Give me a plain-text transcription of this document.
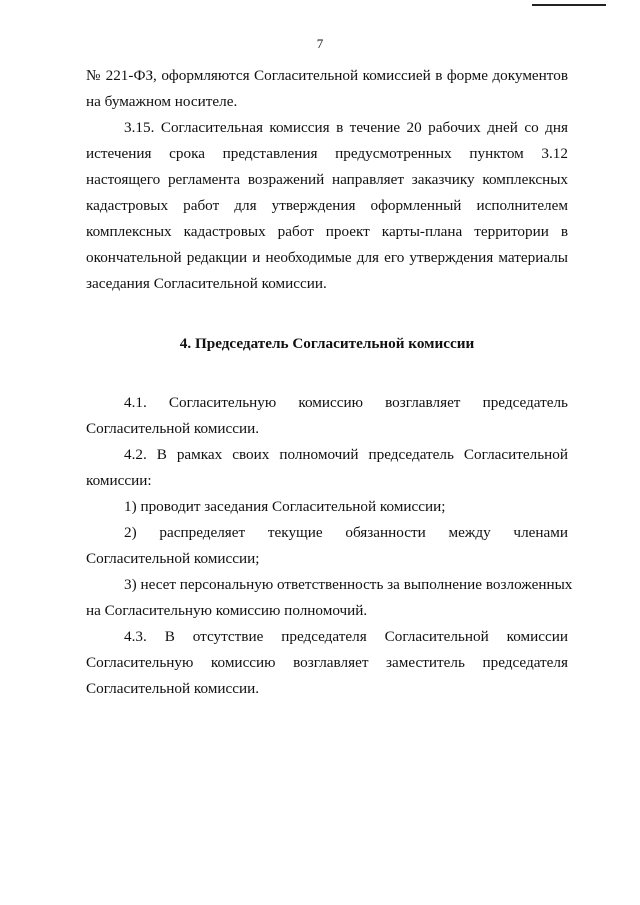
7
№ 221-ФЗ, оформляются Согласительной комиссией в форме документов
на бумажном носителе.
3.15. Согласительная комиссия в течение 20 рабочих дней со дня
истечения срока представления предусмотренных пунктом 3.12
настоящего регламента возражений направляет заказчику комплексных
кадастровых работ для утверждения оформленный исполнителем
комплексных кадастровых работ проект карты-плана территории в
окончательной редакции и необходимые для его утверждения материалы
заседания Согласительной комиссии.
4. Председатель Согласительной комиссии
4.1. Согласительную комиссию возглавляет председатель
Согласительной комиссии.
4.2. В рамках своих полномочий председатель Согласительной
комиссии:
1) проводит заседания Согласительной комиссии;
2) распределяет текущие обязанности между членами
Согласительной комиссии;
3) несет персональную ответственность за выполнение возложенных
на Согласительную комиссию полномочий.
4.3. В отсутствие председателя Согласительной комиссии
Согласительную комиссию возглавляет заместитель председателя
Согласительной комиссии.
